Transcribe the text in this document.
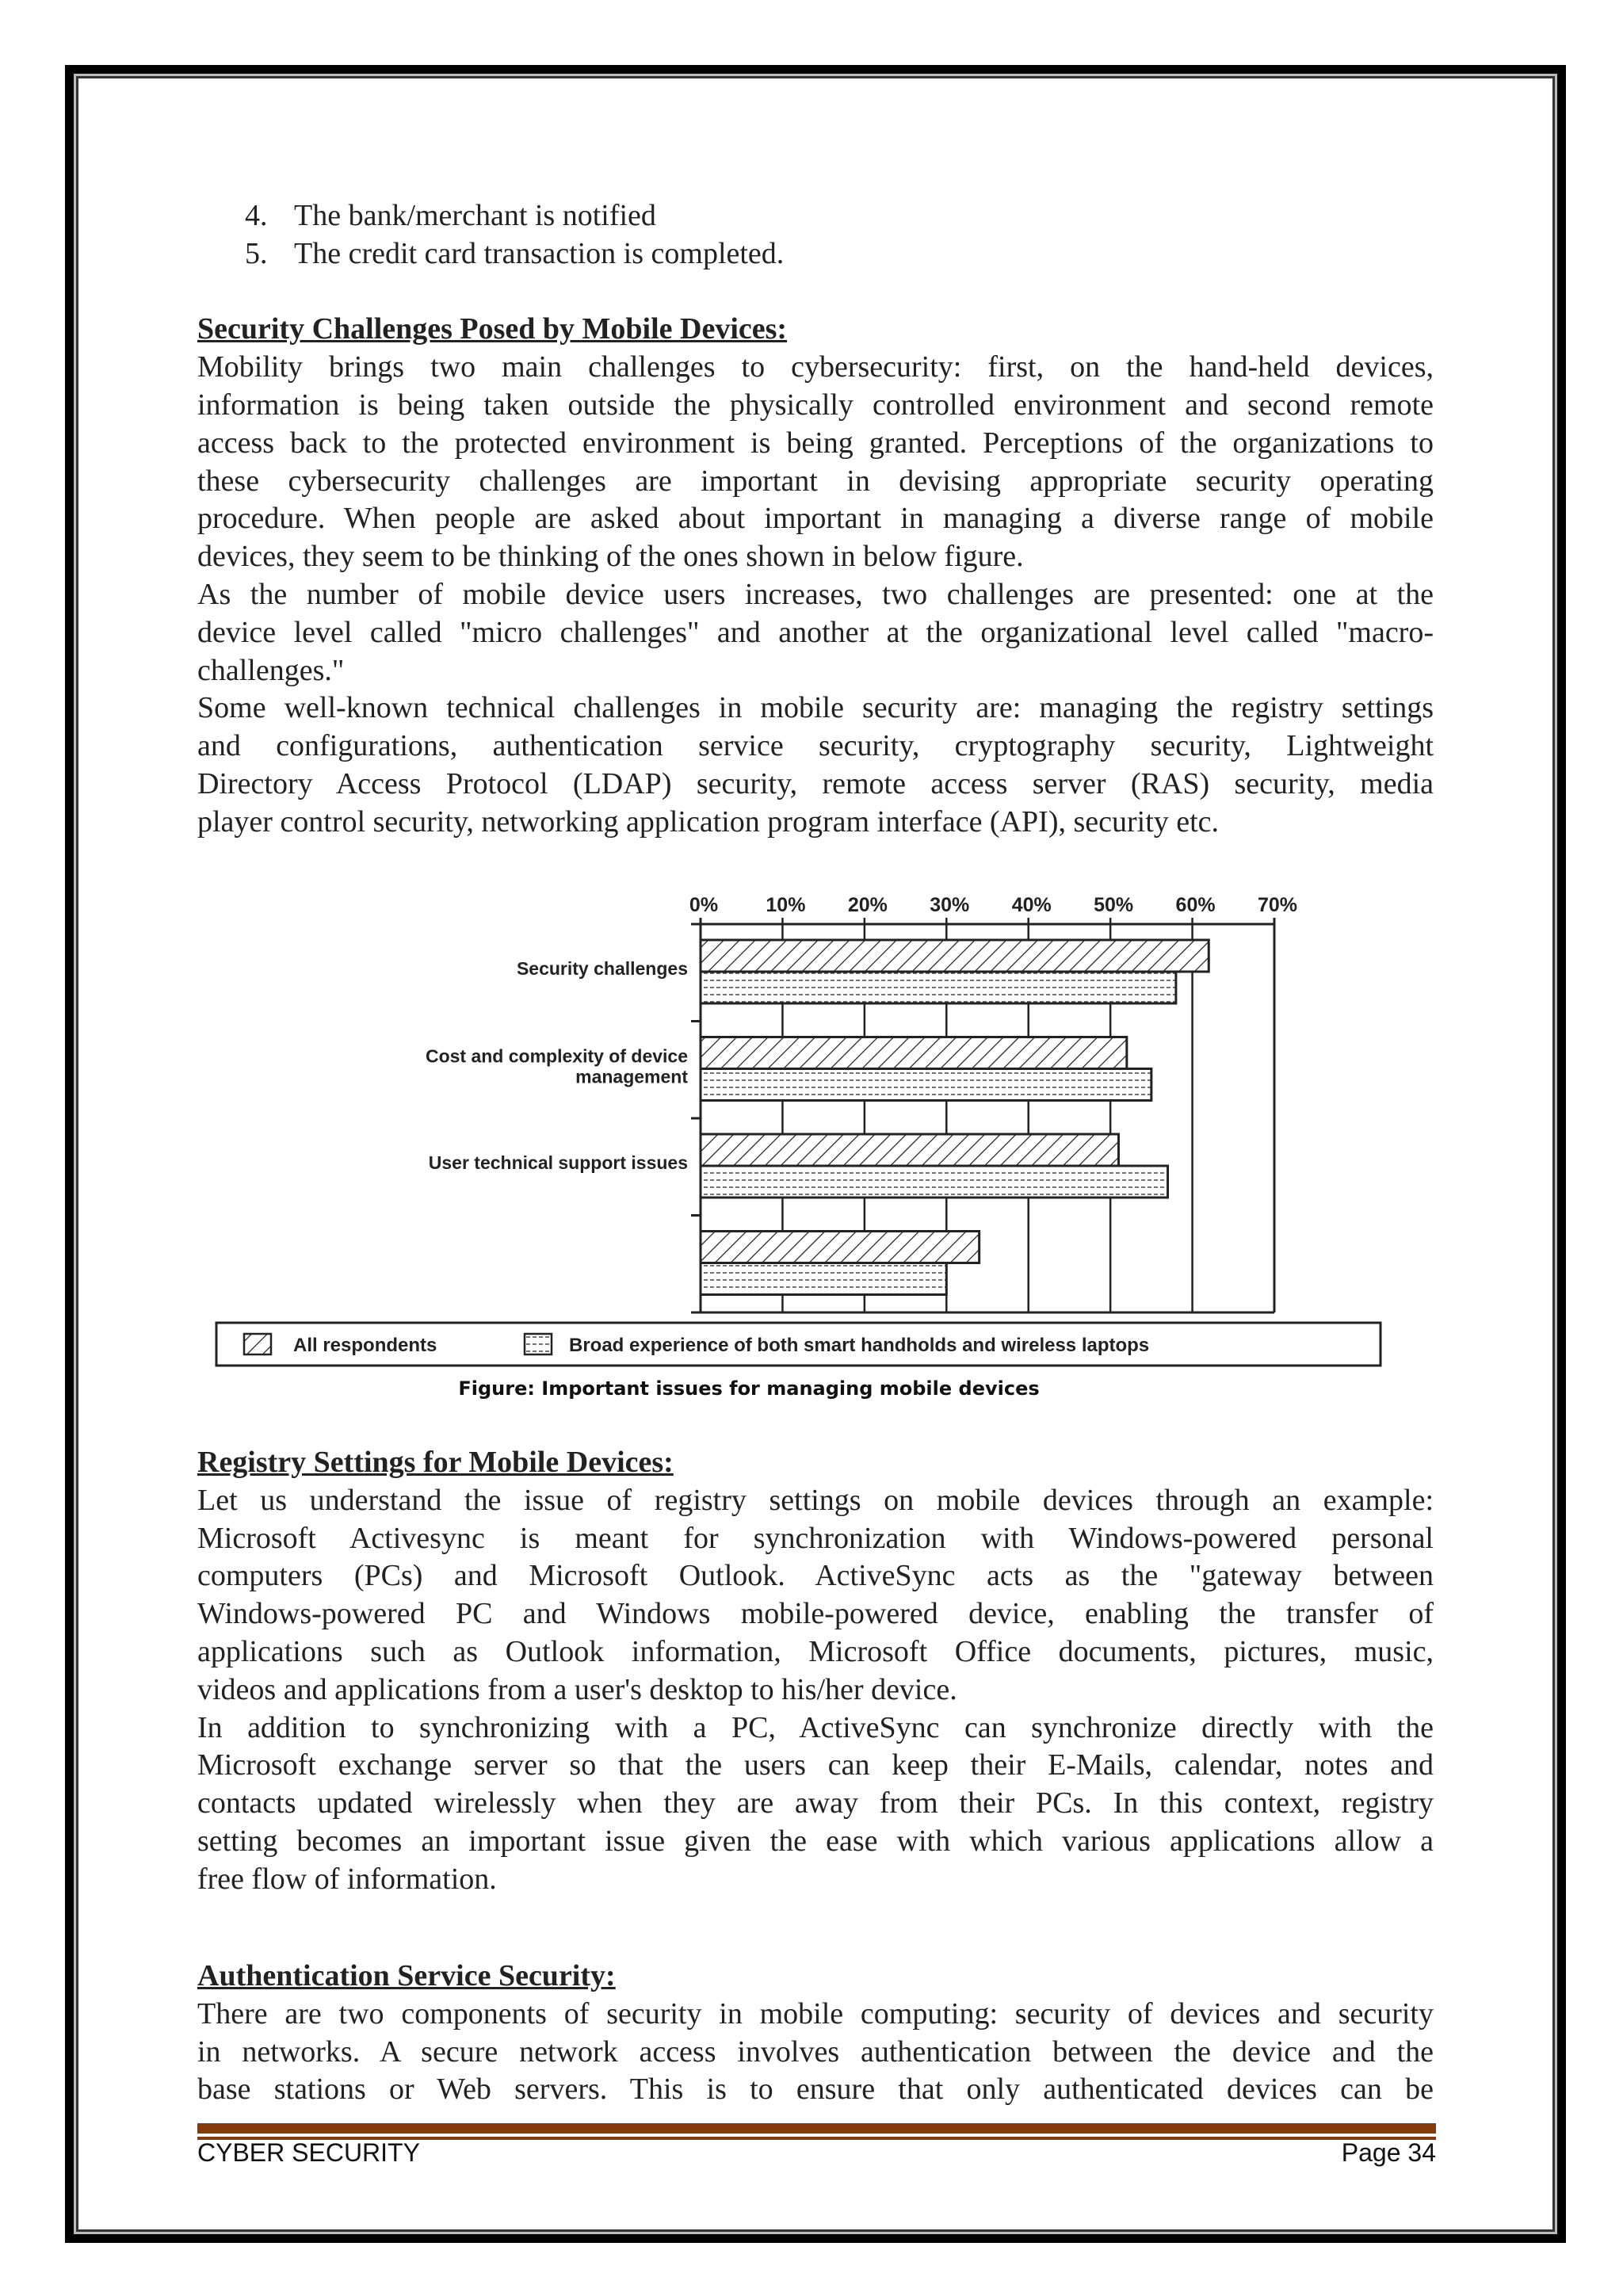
4. The bank/merchant is notified
5. The credit card transaction is completed.
Security Challenges Posed by Mobile Devices:
Mobility brings two main challenges to cybersecurity: first, on the hand-held devices,
information is being taken outside the physically controlled environment and second remote
access back to the protected environment is being granted. Perceptions of the organizations to
these cybersecurity challenges are important in devising appropriate security operating
procedure. When people are asked about important in managing a diverse range of mobile
devices, they seem to be thinking of the ones shown in below figure.
As the number of mobile device users increases, two challenges are presented: one at the
device level called "micro challenges" and another at the organizational level called "macro-
challenges."
Some well-known technical challenges in mobile security are: managing the registry settings
and configurations, authentication service security, cryptography security, Lightweight
Directory Access Protocol (LDAP) security, remote access server (RAS) security, media
player control security, networking application program interface (API), security etc.
0% 10% 20% 30% 40% 50% 60% 70%
Security challenges
Cost and complexity of device
management
User technical support issues
All respondents	Broad experience of both smart handholds and wireless laptops
Figure: Important issues for managing mobile devices
Registry Settings for Mobile Devices:
Let us understand the issue of registry settings on mobile devices through an example:
Microsoft Activesync is meant for synchronization with Windows-powered personal
computers (PCs) and Microsoft Outlook. ActiveSync acts as the "gateway between
Windows-powered PC and Windows mobile-powered device, enabling the transfer of
applications such as Outlook information, Microsoft Office documents, pictures, music,
videos and applications from a user's desktop to his/her device.
In addition to synchronizing with a PC, ActiveSync can synchronize directly with the
Microsoft exchange server so that the users can keep their E-Mails, calendar, notes and
contacts updated wirelessly when they are away from their PCs. In this context, registry
setting becomes an important issue given the ease with which various applications allow a
free flow of information.
Authentication Service Security:
There are two components of security in mobile computing: security of devices and security
in networks. A secure network access involves authentication between the device and the
base stations or Web servers. This is to ensure that only authenticated devices can be
CYBER SECURITY	Page 34
